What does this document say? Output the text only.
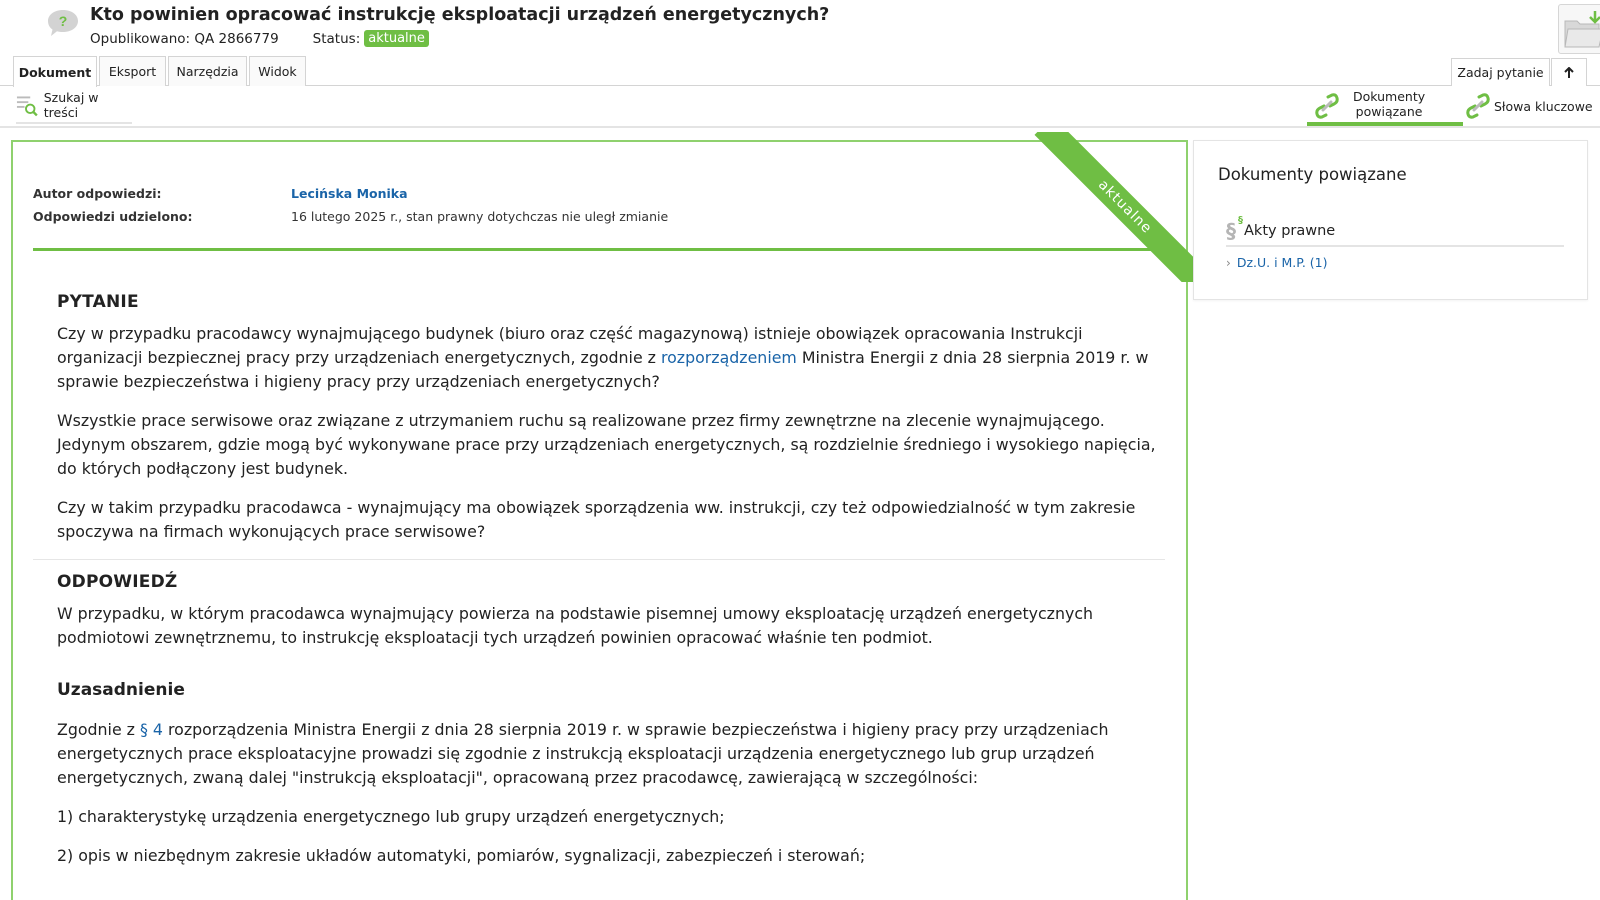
? Kto powinien opracować instrukcję eksploatacji urządzeń energetycznych?
Opublikowano: QA 2866779	Status: aktualne
Dokument	Eksport	Narzędzia	Widok	Zadaj pytanie
Szukaj w treści
Dokumenty
powiązane	Słowa kluczowe
Autor odpowiedzi:	Lecińska Monika
Odpowiedzi udzielono:	16 lutego 2025 r., stan prawny dotychczas nie uległ zmianie
PYTANIE

Czy w przypadku pracodawcy wynajmującego budynek (biuro oraz część magazynową) istnieje obowiązek opracowania Instrukcji organizacji bezpiecznej pracy przy urządzeniach energetycznych, zgodnie z rozporządzeniem Ministra Energii z dnia 28 sierpnia 2019 r. w sprawie bezpieczeństwa i higieny pracy przy urządzeniach energetycznych?

Wszystkie prace serwisowe oraz związane z utrzymaniem ruchu są realizowane przez firmy zewnętrzne na zlecenie wynajmującego. Jedynym obszarem, gdzie mogą być wykonywane prace przy urządzeniach energetycznych, są rozdzielnie średniego i wysokiego napięcia, do których podłączony jest budynek.

Czy w takim przypadku pracodawca - wynajmujący ma obowiązek sporządzenia ww. instrukcji, czy też odpowiedzialność w tym zakresie spoczywa na firmach wykonujących prace serwisowe?

ODPOWIEDŹ

W przypadku, w którym pracodawca wynajmujący powierza na podstawie pisemnej umowy eksploatację urządzeń energetycznych podmiotowi zewnętrznemu, to instrukcję eksploatacji tych urządzeń powinien opracować właśnie ten podmiot.

Uzasadnienie

Zgodnie z § 4 rozporządzenia Ministra Energii z dnia 28 sierpnia 2019 r. w sprawie bezpieczeństwa i higieny pracy przy urządzeniach energetycznych prace eksploatacyjne prowadzi się zgodnie z instrukcją eksploatacji urządzenia energetycznego lub grup urządzeń energetycznych, zwaną dalej "instrukcją eksploatacji", opracowaną przez pracodawcę, zawierającą w szczególności:

1) charakterystykę urządzenia energetycznego lub grupy urządzeń energetycznych;

2) opis w niezbędnym zakresie układów automatyki, pomiarów, sygnalizacji, zabezpieczeń i sterowań;

aktualne
Dokumenty powiązane
§ §
Akty prawne
› Dz.U. i M.P. (1)
